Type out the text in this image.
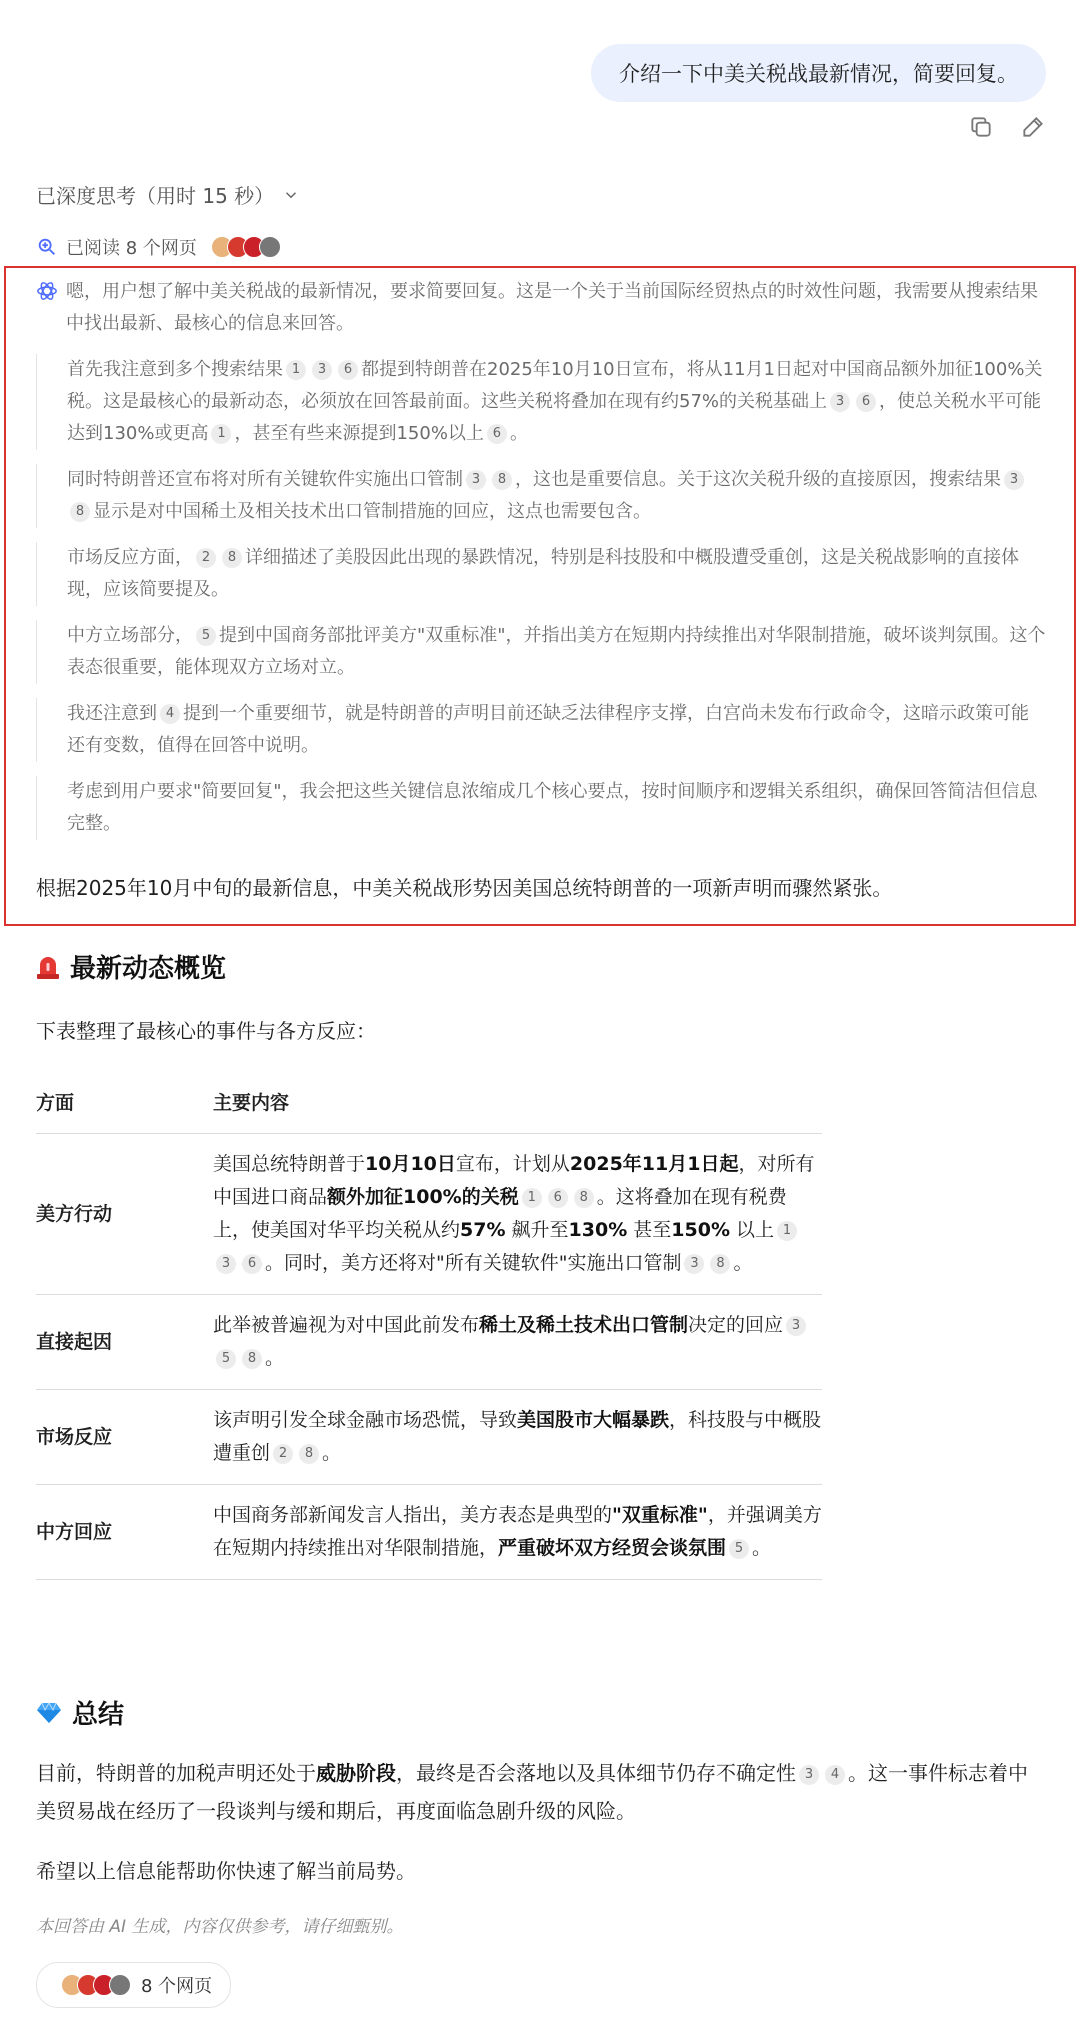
介绍一下中美关税战最新情况，简要回复。
已深度思考（用时 15 秒）
已阅读 8 个网页

嗯，用户想了解中美关税战的最新情况，要求简要回复。这是一个关于当前国际经贸热点的时效性问题，我需要从搜索结果中找出最新、最核心的信息来回答。

首先我注意到多个搜索结果 1 3 6 都提到特朗普在2025年10月10日宣布，将从11月1日起对中国商品额外加征100%关税。这是最核心的最新动态，必须放在回答最前面。这些关税将叠加在现有约57%的关税基础上 3 6 ，使总关税水平可能达到130%或更高 1 ，甚至有些来源提到150%以上 6 。

同时特朗普还宣布将对所有关键软件实施出口管制 3 8 ，这也是重要信息。关于这次关税升级的直接原因，搜索结果 38 显示是对中国稀土及相关技术出口管制措施的回应，这点也需要包含。

市场反应方面， 2 8 详细描述了美股因此出现的暴跌情况，特别是科技股和中概股遭受重创，这是关税战影响的直接体现，应该简要提及。

中方立场部分， 5 提到中国商务部批评美方"双重标准"，并指出美方在短期内持续推出对华限制措施，破坏谈判氛围。这个表态很重要，能体现双方立场对立。

我还注意到 4 提到一个重要细节，就是特朗普的声明目前还缺乏法律程序支撑，白宫尚未发布行政命令，这暗示政策可能还有变数，值得在回答中说明。

考虑到用户要求"简要回复"，我会把这些关键信息浓缩成几个核心要点，按时间顺序和逻辑关系组织，确保回答简洁但信息完整。

根据2025年10月中旬的最新信息，中美关税战形势因美国总统特朗普的一项新声明而骤然紧张。
最新动态概览
下表整理了最核心的事件与各方反应：
方面	主要内容
美方行动	美国总统特朗普于10月10日宣布，计划从2025年11月1日起，对所有中国进口商品额外加征100%的关税 1 6 8 。这将叠加在现有税费上，使美国对华平均关税从约57% 飙升至130% 甚至150% 以上 13 6 。同时，美方还将对"所有关键软件"实施出口管制 3 8 。
直接起因	此举被普遍视为对中国此前发布稀土及稀土技术出口管制决定的回应 35 8 。
市场反应	该声明引发全球金融市场恐慌，导致美国股市大幅暴跌，科技股与中概股遭重创 2 8 。
中方回应	中国商务部新闻发言人指出，美方表态是典型的"双重标准"，并强调美方在短期内持续推出对华限制措施，严重破坏双方经贸会谈氛围 5 。
总结
目前，特朗普的加税声明还处于威胁阶段，最终是否会落地以及具体细节仍存不确定性 3 4 。这一事件标志着中美贸易战在经历了一段谈判与缓和期后，再度面临急剧升级的风险。
希望以上信息能帮助你快速了解当前局势。
本回答由 AI 生成，内容仅供参考，请仔细甄别。
8 个网页
